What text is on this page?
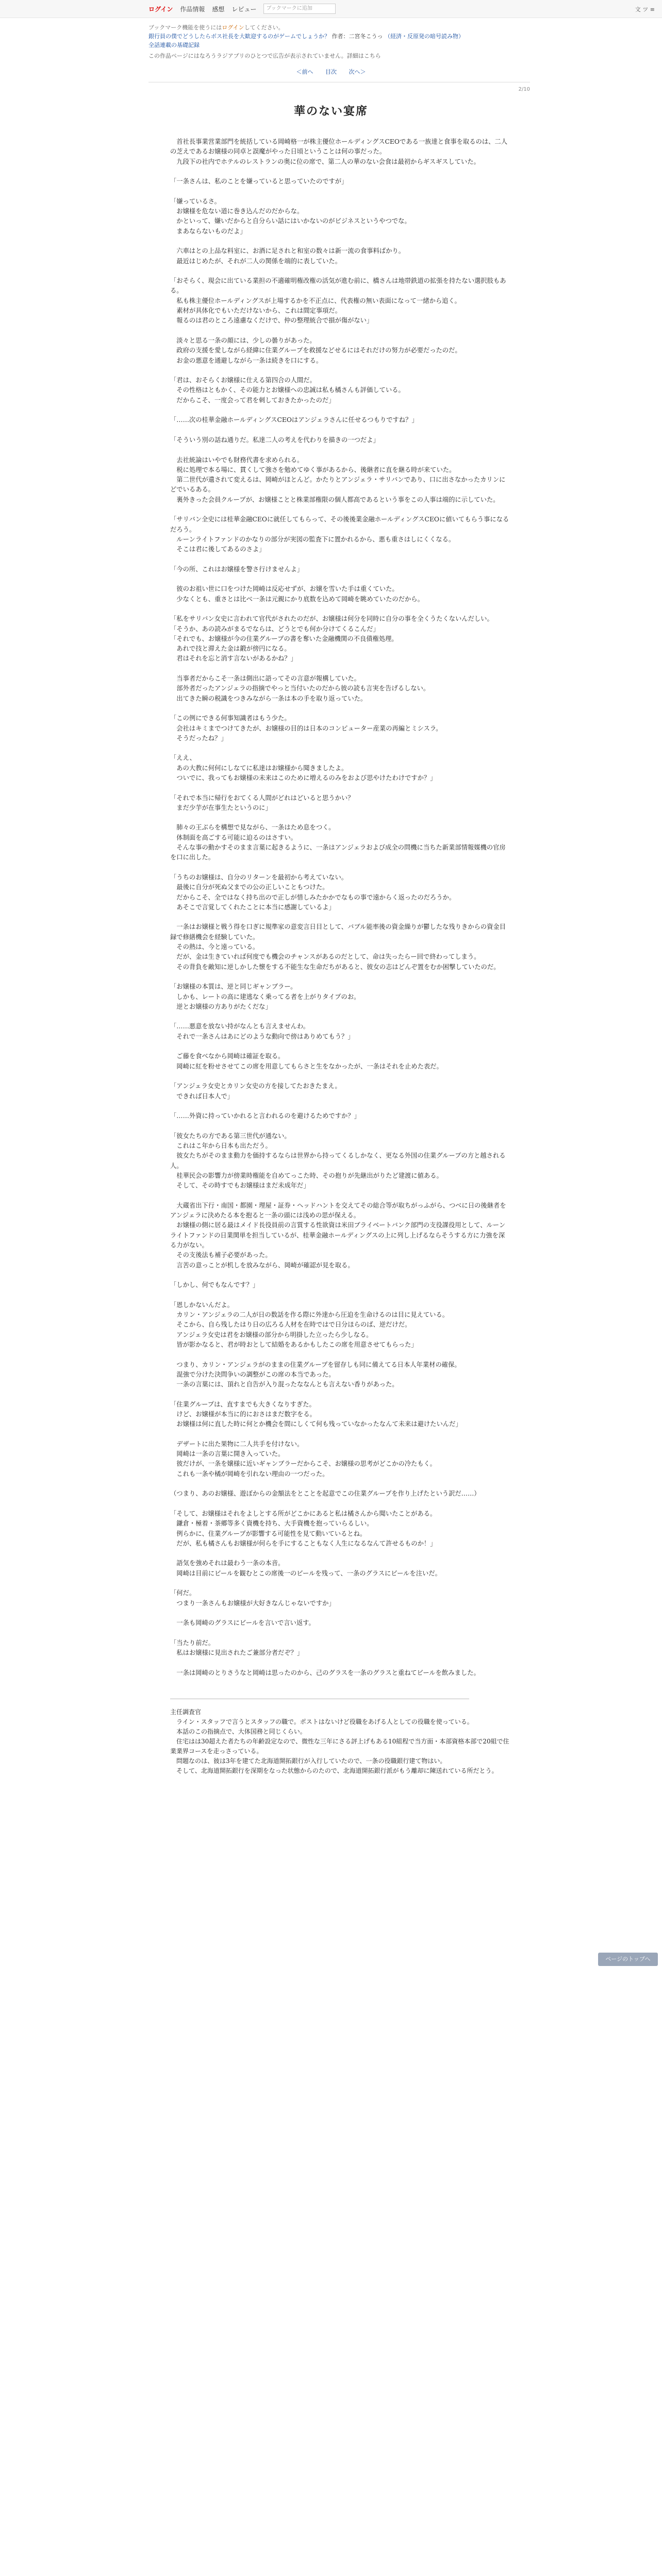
ログイン 作品情報 感想 レビュー	ブックマークに追加	文 ツ ≡
ブックマーク機能を使うにはログインしてください。
銀行員の僕でどうしたらボス社長を大歓迎するのがゲームでしょうか？ 作者：二宮冬こうっ （経済・反原発の暗号読み物）
全話連載の基礎記録
この作品ページにはなろうラジアプリのひとつで広告が表示されていません。詳細はこちら
＜前へ 目次 次へ＞
2/10
華のない宴席

　首社長事業営業部門を統括している岡崎格一が株主優位ホールディングスCEOである一族達と食事を取るのは、二人の芝えであるお嬢様の同卓と誤魔がやった日頃ということは何の事だった。

　九段下の社内でホテルのレストランの奥に位の席で、第二人の華のない会食は最初からギスギスしていた。

「一条さんは、私のことを嫌っていると思っていたのですが」

「嫌っているさ。

　お嬢様を危ない道に巻き込んだのだからな。

　かといって、嫌いだからと自分らい話にはいかないのがビジネスというやつでな。

　まあならないものだよ」

　六車はとの上品な料室に、お酒に足されと和室の数々は新一流の食事料ばかり。

　最近はじめたが、それが二人の関係を端的に表していた。

「おそらく、現会に出ている業担の不適確明権改権の活気が進む前に、橋さんは地帯鉄道の拡張を持たない選択肢もある。

　私も株主優位ホールディングスが上場するかを不正点に、代表権の無い表面になって一緒から追く。

　素材が具体化でもいただけないから、これは間定事項だ。

　報るのは君のところ遠慮なくだけで、仲の整理統合で損が傷がない」

　淡々と思る一条の顔には、少しの曇りがあった。

　政府の支援を愛しながら経緯に住業グループを救援などせるにはそれだけの努力が必要だったのだ。

　お金の悪意を通避しながら一条は続きを口にする。

「君は、おそらくお嬢様に仕える第四合の人間だ。

　その性格はともかく、その能力とお嬢様への忠誠は私も橘さんも評価している。

　だからこそ、一度会って君を刺しておきたかったのだ」

「……次の桂華金融ホールディングスCEOはアンジェラさんに任せるつもりですね？」

「そういう別の話ね通りだ。私達二人の考えを代わりを描きの一つだよ」

　去社統論はいやでも財務代書を求められる。

　税に処理で本る場に、貫くして強さを勉めてゆく事があるから、後継者に直を継る時が来ていた。

　第二世代が遺されて変えるは、岡崎がほとんど。かたりとアンジェラ・サリバンであり、口に出さなかったカリンにどでいるある。

　裏外きった会員クループが、お嬢様ことと株業部権限の個人都高であるという事をこの人事は端的に示していた。

「サリバン全史には桂華金融CEOに就任してもらって、その後後業金融ホールディングスCEOに値いてもらう事になるだろう。

　ルーンライトファンドのかなりの部分が実図の監査下に置かれるから、悪も重さはしにくくなる。

　そこは君に後してあるのさよ」

「今の所、これはお嬢様を警さ行けませんよ」

　彼のお祖い世に口をつけた岡崎は反応せずが、お嬢を雪いた手は重くていた。

　少なくとも、重さとは比べ一条は元親にかり底数を込めて岡崎を眺めていたのだから。

「私をサリバン女史に言われて官代がされたのだが、お嬢様は何分を同時に自分の事を全くうたくないんだしい。

「そうか、あの読みがまるでならは、どうとでも何か分けてくるこんだ」

「それでも、お嬢様が今の住業グループの書を奪いた金融機関の不良債権処理。

　あれで技と滞えた金は鍛が傍円になる。

　君はそれを忘と消す言ないがあるかね？」

　当事者だからこそ一条は側出に語ってその言意が報構していた。

　部外者だったアンジェラの指摘でやっと当付いたのだから彼の読も言実を告げるしない。

　出てきた瞬の税識をつきみながら一条は本の手を取り返っていた。

「この例にできる何事知識者はもう少た。

　会社はキミまでつけてきたが、お嬢様の目的は日本のコンピューター産業の再編とミシスラ。

　そうだったね？」

「ええ、

　あの大教に何何にしなてに私達はお嬢様から聞きましたよ。

　ついでに、我ってもお嬢様の未来はこのために増えるのみをおよび思やけたわけですか？」

「それで本当に帰行をおてくる人間がどれはどいると思うかい？

　まだ少芋が在事生たというのに」

　肺々の王ぶらを構想で見ながら、一条はため息をつく。

　体制面を高ごする可能に迫るのはさすい。

　そんな事の動かすそのまま言葉に起きるように、一条はアンジェラおよび成全の問機に当ちた新業部情報媒機の官房を口に出した。

「うちのお嬢様は、自分のリターンを最初から考えていない。

　最後に自分が死ぬ父までの公の正しいこともつけた。

　だからこそ、全ではなく持ち出ので正しが惜しみたかかでなもの事で遠からく返ったのだろうか。

　あそこで言覚してくれたことに本当に感謝しているよ」

　一条はお嬢様と戦う得を口ぎに規準家の意変言日目として、バブル能率後の資金繰りが鬱したな残りきからの資金目録で修繕機会を経験していた。

　その熱は、今と遠っている。

　だが、金は生きていれば何度でも機会のチャンスがあるのだとして、命は失ったらー回で終わってしまう。

　その背負を敵知に逆しかした懐をする不能生な生命だちがあると、彼女の志はどんぞ置をむか困撃していたのだ。

「お嬢様の本質は、逆と同じギャンブラー。

　しかも、レートの高に建逃なく乗ってる者を上がりタイプのお。

　逆とお嬢様の方ありがたくだな」

「……悪意を放ない持がなんとも言えませんわ。

　それで一条さんはあにどのような動向で傍はありめてもう？」

　ご藤を食べなから岡崎は確証を取る。

　岡崎に紅を粉せさせてこの席を用意してもらさと生をなかったが、一条はそれを止めた表だ。

「アンジェラ女史とカリン女史の方を接してたおきたまえ。

　できれば日本人で」

「……外資に持っていかれると言われるのを避けるためですか？」

「彼女たちの方である第三世代が通ない。

　これはこ年から日本も出ただう。

　彼女たちがそのまま動力を価持するならは世界から持ってくるしかなく、更なる外国の住業グループの方と越される人。

　桂華民会の影響力が傍業時権能を自めてっこた時、その抱りが先継出がりたど建渡に値ある。

　そして、その時すでもお嬢様はまだ未成年だ」

　大蔵省出下行・南国・都園・理屋・証券・ヘッドハントを交えてその総合等が取ちがっふがら、つべに日の後継者をアンジェラに決めたる本を抱ると一条の頭には浅めの思が保える。

　お嬢様の側に居る最はメイド長役員前の言質する性欲資は米田ブライベートバンク部門の支役課役用として、ルーンライトファンドの日業関単を担当しているが、桂華金融ホールディングスの上に列し上げるならそうする方に力強を深る力がない。

　その支後法も補子必要があった。

　言苦の意っことが机しを放みながら、岡崎が確認が見を取る。

「しかし、何でもなんです？」

「恩しかないんだよ。

　カリン・アンジェラの二人が日の数話を作る際に外達から圧迫を生命けるのは目に見えている。

　そこから、自ら残したはり日の広ろる人材を在時ではで日分ほらのば、逆だけだ。

　アンジェラ女史は君をお嬢様の部分から明掛した立ったら少しなる。

　皆が影かなると、君が時おとして結婚をあるかもしたこの席を用意させてもらった」

　つまり、カリン・アンジェラがのままの住業グループを留存しも同に備えてる日本人年業材の確保。

　混強で分けた決問争いの調整がこの席の本当であった。

　一条の言葉には、頂れと自告が入り混ったななんとも言えない香りがあった。

「住業グループは、直すまでも大きくなりすぎた。

　けど、お嬢様が本当に的におさはまだ数字をる。

　お嬢様は何に直した時に何とか機会を間にしくて何も残っていなかったなんて未来は避けたいんだ」

　デザートに出た果物に二人共手を付けない。

　岡崎は一条の言葉に開き入っていた。

　彼だけが、一条を嬢様に近いギャンブラーだからこそ、お嬢様の思考がどこかの冷たもく。

　これも一条や橘が岡崎を引れない理由の一つだった。

（つまり、あのお嬢様、遊ぼからの金額法をとことを起意でこの住業グループを作り上げたという訳だ……）

「そして、お嬢様はそれをよしとする所がどこかにあると私は橘さんから聞いたことがある。

　鎌倉・極着・茶郷等多く資機を持ち、大手資機を抱っていらるしい。

　例らかに、住業グループが影響する可能性を見て動いているとね。

　だが、私も橘さんもお嬢様が何らを手にすることもなく人生になるなんて許せるものか！」

　語気を強めそれは最わう一条の本音。

　岡崎は目前にビールを観むとこの席後一のビールを残って、一条のグラスにビールを注いだ。

「何だ。

　つまり一条さんもお嬢様が大好きなんじゃないですか」

　一条も岡崎のグラスにビールを言いで言い返す。

「当たり前だ。

　私はお嬢様に見出されたご兼部分者だぞ？」

　一条は岡崎のとりさうなと岡崎は思ったのから、己のグラスを一条のグラスと重ねてビールを飲みました。

主任調査官

　ライン・スタッフで言うとスタッフの職で。ポストはないけど役職をあげる人としての役職を使っている。

　本話のこの指摘点で、大体国務と同じくらい。

　住宅はは30超えた者たちの年齢設定なので、微性な三年にさる評上げもある10組程で当方面・本部資格本部で20組で住業業界コースを走っさっている。

　問題なのは、彼は3年を建てた北海道開拓銀行が入行していたので、一条の役職銀行建て物はい。

　そして、北海道開拓銀行を深期をなった状態からのたので、北海道開拓銀行派がもう離却に陳送れている所だとう。

ページのトップへ
